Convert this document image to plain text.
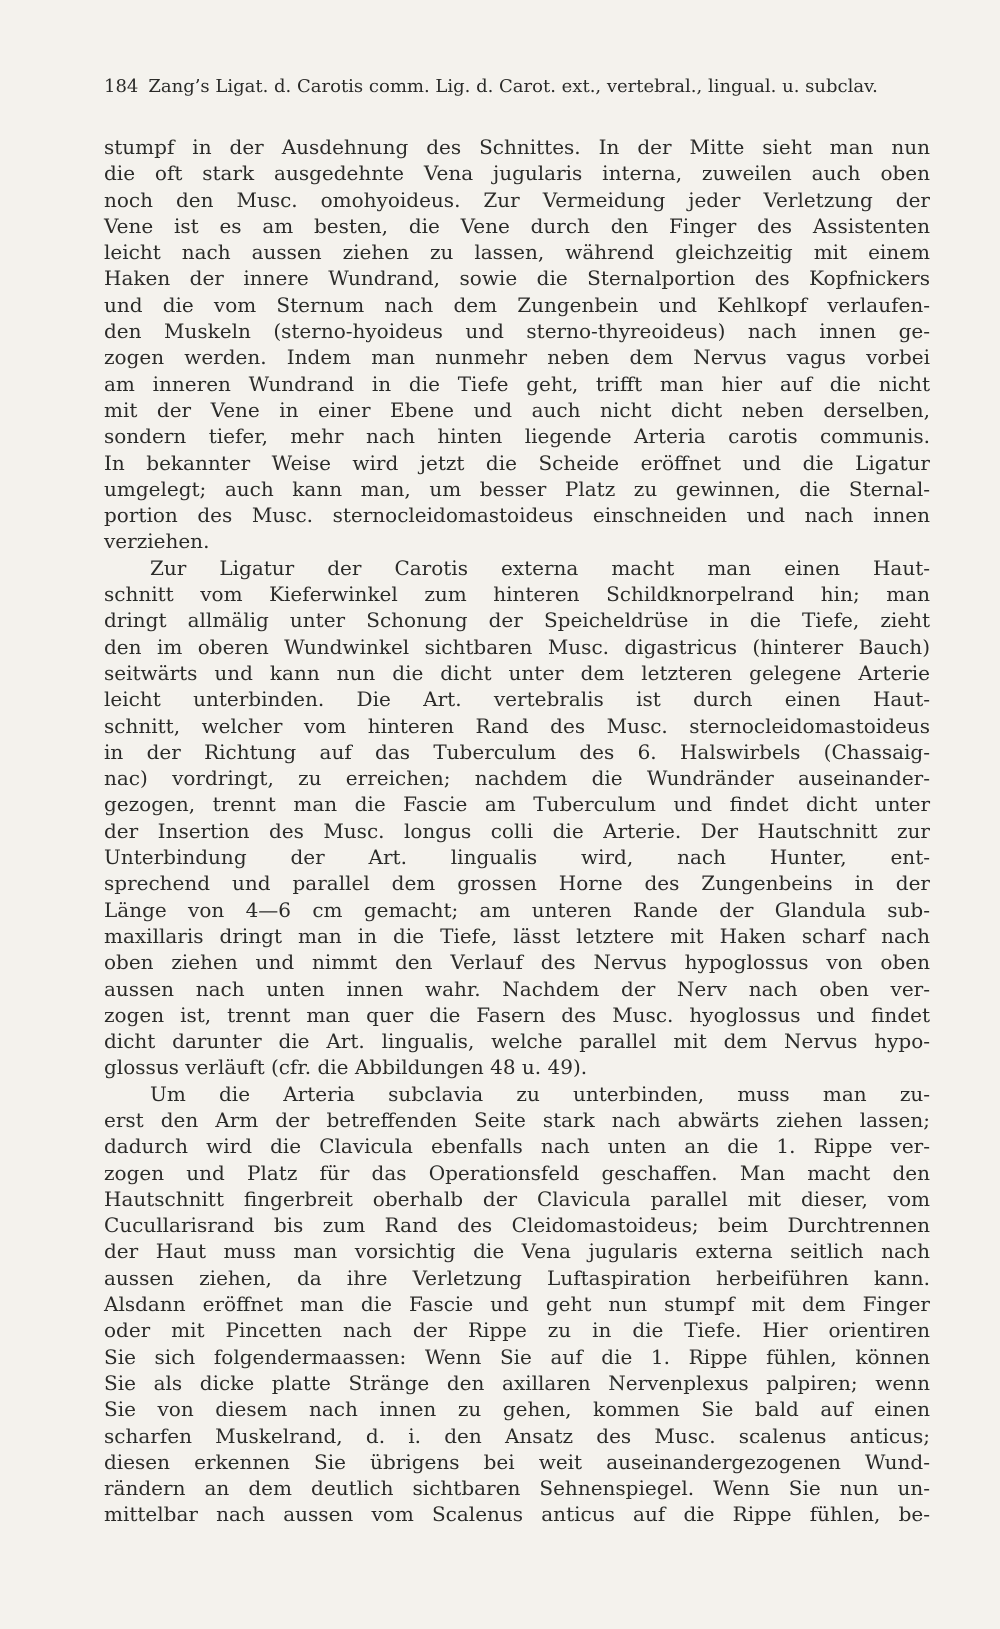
184 Zang’s Ligat. d. Carotis comm. Lig. d. Carot. ext., vertebral., lingual. u. subclav.
stumpf in der Ausdehnung des Schnittes. In der Mitte sieht man nun
die oft stark ausgedehnte Vena jugularis interna, zuweilen auch oben
noch den Musc. omohyoideus. Zur Vermeidung jeder Verletzung der
Vene ist es am besten, die Vene durch den Finger des Assistenten
leicht nach aussen ziehen zu lassen, während gleichzeitig mit einem
Haken der innere Wundrand, sowie die Sternalportion des Kopfnickers
und die vom Sternum nach dem Zungenbein und Kehlkopf verlaufen-
den Muskeln (sterno-hyoideus und sterno-thyreoideus) nach innen ge-
zogen werden. Indem man nunmehr neben dem Nervus vagus vorbei
am inneren Wundrand in die Tiefe geht, trifft man hier auf die nicht
mit der Vene in einer Ebene und auch nicht dicht neben derselben,
sondern tiefer, mehr nach hinten liegende Arteria carotis communis.
In bekannter Weise wird jetzt die Scheide eröffnet und die Ligatur
umgelegt; auch kann man, um besser Platz zu gewinnen, die Sternal-
portion des Musc. sternocleidomastoideus einschneiden und nach innen
verziehen.
Zur Ligatur der Carotis externa macht man einen Haut-
schnitt vom Kieferwinkel zum hinteren Schildknorpelrand hin; man
dringt allmälig unter Schonung der Speicheldrüse in die Tiefe, zieht
den im oberen Wundwinkel sichtbaren Musc. digastricus (hinterer Bauch)
seitwärts und kann nun die dicht unter dem letzteren gelegene Arterie
leicht unterbinden. Die Art. vertebralis ist durch einen Haut-
schnitt, welcher vom hinteren Rand des Musc. sternocleidomastoideus
in der Richtung auf das Tuberculum des 6. Halswirbels (Chassaig-
nac) vordringt, zu erreichen; nachdem die Wundränder auseinander-
gezogen, trennt man die Fascie am Tuberculum und findet dicht unter
der Insertion des Musc. longus colli die Arterie. Der Hautschnitt zur
Unterbindung der Art. lingualis wird, nach Hunter, ent-
sprechend und parallel dem grossen Horne des Zungenbeins in der
Länge von 4—6 cm gemacht; am unteren Rande der Glandula sub-
maxillaris dringt man in die Tiefe, lässt letztere mit Haken scharf nach
oben ziehen und nimmt den Verlauf des Nervus hypoglossus von oben
aussen nach unten innen wahr. Nachdem der Nerv nach oben ver-
zogen ist, trennt man quer die Fasern des Musc. hyoglossus und findet
dicht darunter die Art. lingualis, welche parallel mit dem Nervus hypo-
glossus verläuft (cfr. die Abbildungen 48 u. 49).
Um die Arteria subclavia zu unterbinden, muss man zu-
erst den Arm der betreffenden Seite stark nach abwärts ziehen lassen;
dadurch wird die Clavicula ebenfalls nach unten an die 1. Rippe ver-
zogen und Platz für das Operationsfeld geschaffen. Man macht den
Hautschnitt fingerbreit oberhalb der Clavicula parallel mit dieser, vom
Cucullarisrand bis zum Rand des Cleidomastoideus; beim Durchtrennen
der Haut muss man vorsichtig die Vena jugularis externa seitlich nach
aussen ziehen, da ihre Verletzung Luftaspiration herbeiführen kann.
Alsdann eröffnet man die Fascie und geht nun stumpf mit dem Finger
oder mit Pincetten nach der Rippe zu in die Tiefe. Hier orientiren
Sie sich folgendermaassen: Wenn Sie auf die 1. Rippe fühlen, können
Sie als dicke platte Stränge den axillaren Nervenplexus palpiren; wenn
Sie von diesem nach innen zu gehen, kommen Sie bald auf einen
scharfen Muskelrand, d. i. den Ansatz des Musc. scalenus anticus;
diesen erkennen Sie übrigens bei weit auseinandergezogenen Wund-
rändern an dem deutlich sichtbaren Sehnenspiegel. Wenn Sie nun un-
mittelbar nach aussen vom Scalenus anticus auf die Rippe fühlen, be-
